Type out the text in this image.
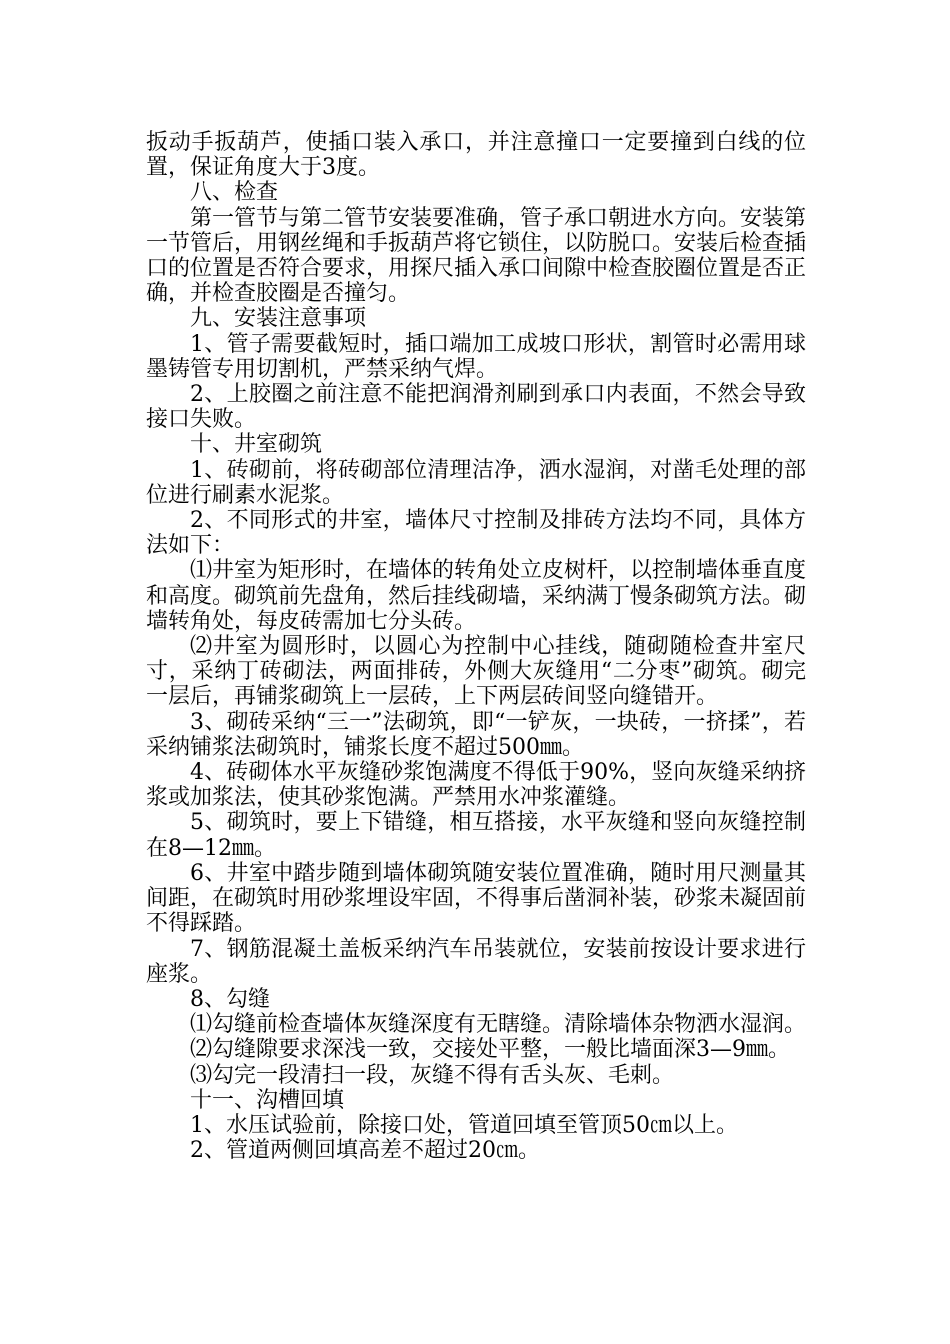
扳动手扳葫芦，使插口装入承口，并注意撞口一定要撞到白线的位置，保证角度大于3度。

八、检查

第一管节与第二管节安装要准确，管子承口朝进水方向。安装第一节管后，用钢丝绳和手扳葫芦将它锁住，以防脱口。安装后检查插口的位置是否符合要求，用探尺插入承口间隙中检查胶圈位置是否正确，并检查胶圈是否撞匀。

九、安装注意事项

1、管子需要截短时，插口端加工成坡口形状，割管时必需用球墨铸管专用切割机，严禁采纳气焊。

2、上胶圈之前注意不能把润滑剂刷到承口内表面，不然会导致接口失败。

十、井室砌筑

1、砖砌前，将砖砌部位清理洁净，洒水湿润，对凿毛处理的部位进行刷素水泥浆。

2、不同形式的井室，墙体尺寸控制及排砖方法均不同，具体方法如下：

⑴井室为矩形时，在墙体的转角处立皮树杆，以控制墙体垂直度和高度。砌筑前先盘角，然后挂线砌墙，采纳满丁慢条砌筑方法。砌墙转角处，每皮砖需加七分头砖。

⑵井室为圆形时，以圆心为控制中心挂线，随砌随检查井室尺寸，采纳丁砖砌法，两面排砖，外侧大灰缝用“二分枣”砌筑。砌完一层后，再铺浆砌筑上一层砖，上下两层砖间竖向缝错开。

3、砌砖采纳“三一”法砌筑，即“一铲灰，一块砖，一挤揉”，若采纳铺浆法砌筑时，铺浆长度不超过500㎜。

4、砖砌体水平灰缝砂浆饱满度不得低于90%，竖向灰缝采纳挤浆或加浆法，使其砂浆饱满。严禁用水冲浆灌缝。

5、砌筑时，要上下错缝，相互搭接，水平灰缝和竖向灰缝控制在8—12㎜。

6、井室中踏步随到墙体砌筑随安装位置准确，随时用尺测量其间距，在砌筑时用砂浆埋设牢固，不得事后凿洞补装，砂浆未凝固前不得踩踏。

7、钢筋混凝土盖板采纳汽车吊装就位，安装前按设计要求进行座浆。

8、勾缝

⑴勾缝前检查墙体灰缝深度有无瞎缝。清除墙体杂物洒水湿润。

⑵勾缝隙要求深浅一致，交接处平整，一般比墙面深3—9㎜。

⑶勾完一段清扫一段，灰缝不得有舌头灰、毛刺。

十一、沟槽回填

1、水压试验前，除接口处，管道回填至管顶50㎝以上。

2、管道两侧回填高差不超过20㎝。
